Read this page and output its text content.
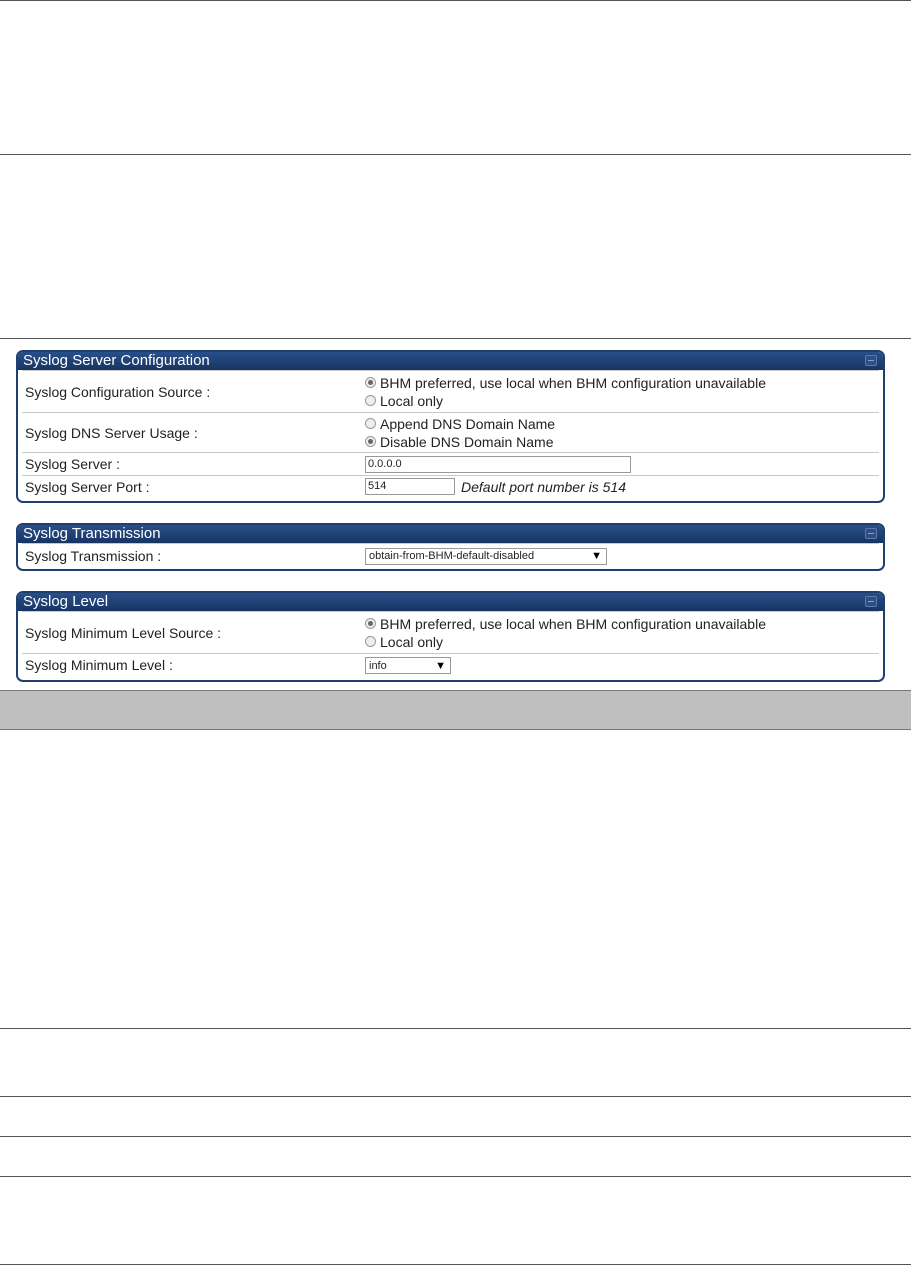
Syslog Server Configuration
Syslog Configuration Source :
BHM preferred, use local when BHM configuration unavailable
Local only
Syslog DNS Server Usage :
Append DNS Domain Name
Disable DNS Domain Name
Syslog Server :	0.0.0.0
Syslog Server Port :	514	Default port number is 514
Syslog Transmission
Syslog Transmission :	obtain-from-BHM-default-disabled	▼
Syslog Level
Syslog Minimum Level Source :
BHM preferred, use local when BHM configuration unavailable
Local only
Syslog Minimum Level :	info	▼
